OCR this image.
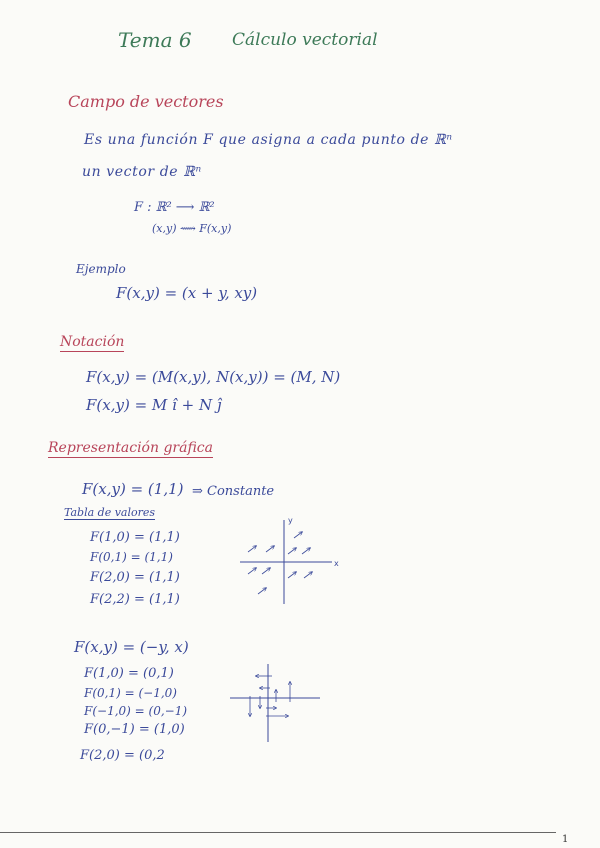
Tema 6 Cálculo vectorial
Campo de vectores
Es una función F que asigna a cada punto de ℝⁿ
un vector de ℝⁿ
F : ℝ² ⟶ ℝ²
(x,y) ⟿ F(x,y)
Ejemplo
F(x,y) = (x + y, xy)
Notación
F(x,y) = (M(x,y), N(x,y)) = (M, N)
F(x,y) = M î + N ĵ
Representación gráfica
F(x,y) = (1,1) ⇒ Constante
Tabla de valores
F(1,0) = (1,1)
F(0,1) = (1,1)
F(2,0) = (1,1)
F(2,2) = (1,1)
x
y
F(x,y) = (−y, x)
F(1,0) = (0,1)
F(0,1) = (−1,0)
F(−1,0) = (0,−1)
F(0,−1) = (1,0)
F(2,0) = (0,2
1
